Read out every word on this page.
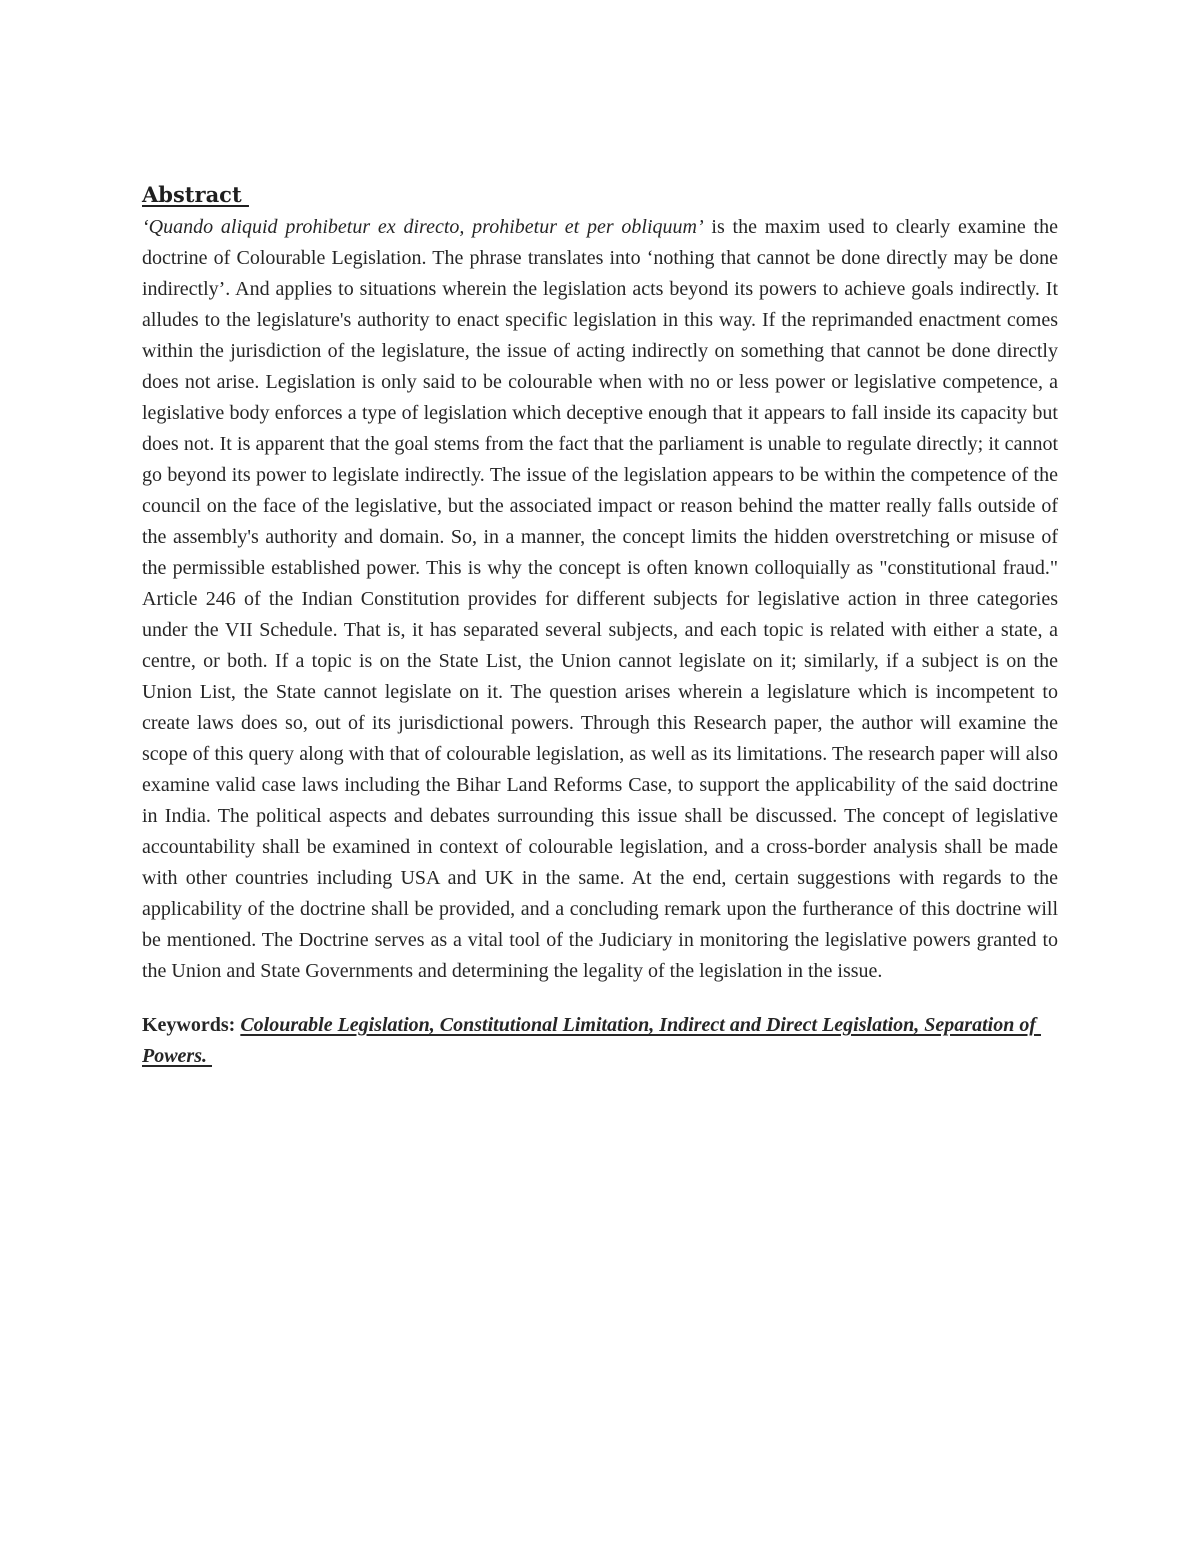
Abstract

‘Quando aliquid prohibetur ex directo, prohibetur et per obliquum’ is the maxim used to clearly examine the doctrine of Colourable Legislation. The phrase translates into ‘nothing that cannot be done directly may be done indirectly’. And applies to situations wherein the legislation acts beyond its powers to achieve goals indirectly. It alludes to the legislature's authority to enact specific legislation in this way. If the reprimanded enactment comes within the jurisdiction of the legislature, the issue of acting indirectly on something that cannot be done directly does not arise. Legislation is only said to be colourable when with no or less power or legislative competence, a legislative body enforces a type of legislation which deceptive enough that it appears to fall inside its capacity but does not. It is apparent that the goal stems from the fact that the parliament is unable to regulate directly; it cannot go beyond its power to legislate indirectly. The issue of the legislation appears to be within the competence of the council on the face of the legislative, but the associated impact or reason behind the matter really falls outside of the assembly's authority and domain. So, in a manner, the concept limits the hidden overstretching or misuse of the permissible established power. This is why the concept is often known colloquially as "constitutional fraud." Article 246 of the Indian Constitution provides for different subjects for legislative action in three categories under the VII Schedule. That is, it has separated several subjects, and each topic is related with either a state, a centre, or both. If a topic is on the State List, the Union cannot legislate on it; similarly, if a subject is on the Union List, the State cannot legislate on it. The question arises wherein a legislature which is incompetent to create laws does so, out of its jurisdictional powers. Through this Research paper, the author will examine the scope of this query along with that of colourable legislation, as well as its limitations. The research paper will also examine valid case laws including the Bihar Land Reforms Case, to support the applicability of the said doctrine in India. The political aspects and debates surrounding this issue shall be discussed. The concept of legislative accountability shall be examined in context of colourable legislation, and a cross-border analysis shall be made with other countries including USA and UK in the same. At the end, certain suggestions with regards to the applicability of the doctrine shall be provided, and a concluding remark upon the furtherance of this doctrine will be mentioned. The Doctrine serves as a vital tool of the Judiciary in monitoring the legislative powers granted to the Union and State Governments and determining the legality of the legislation in the issue.

Keywords: Colourable Legislation, Constitutional Limitation, Indirect and Direct Legislation, Separation of Powers.
